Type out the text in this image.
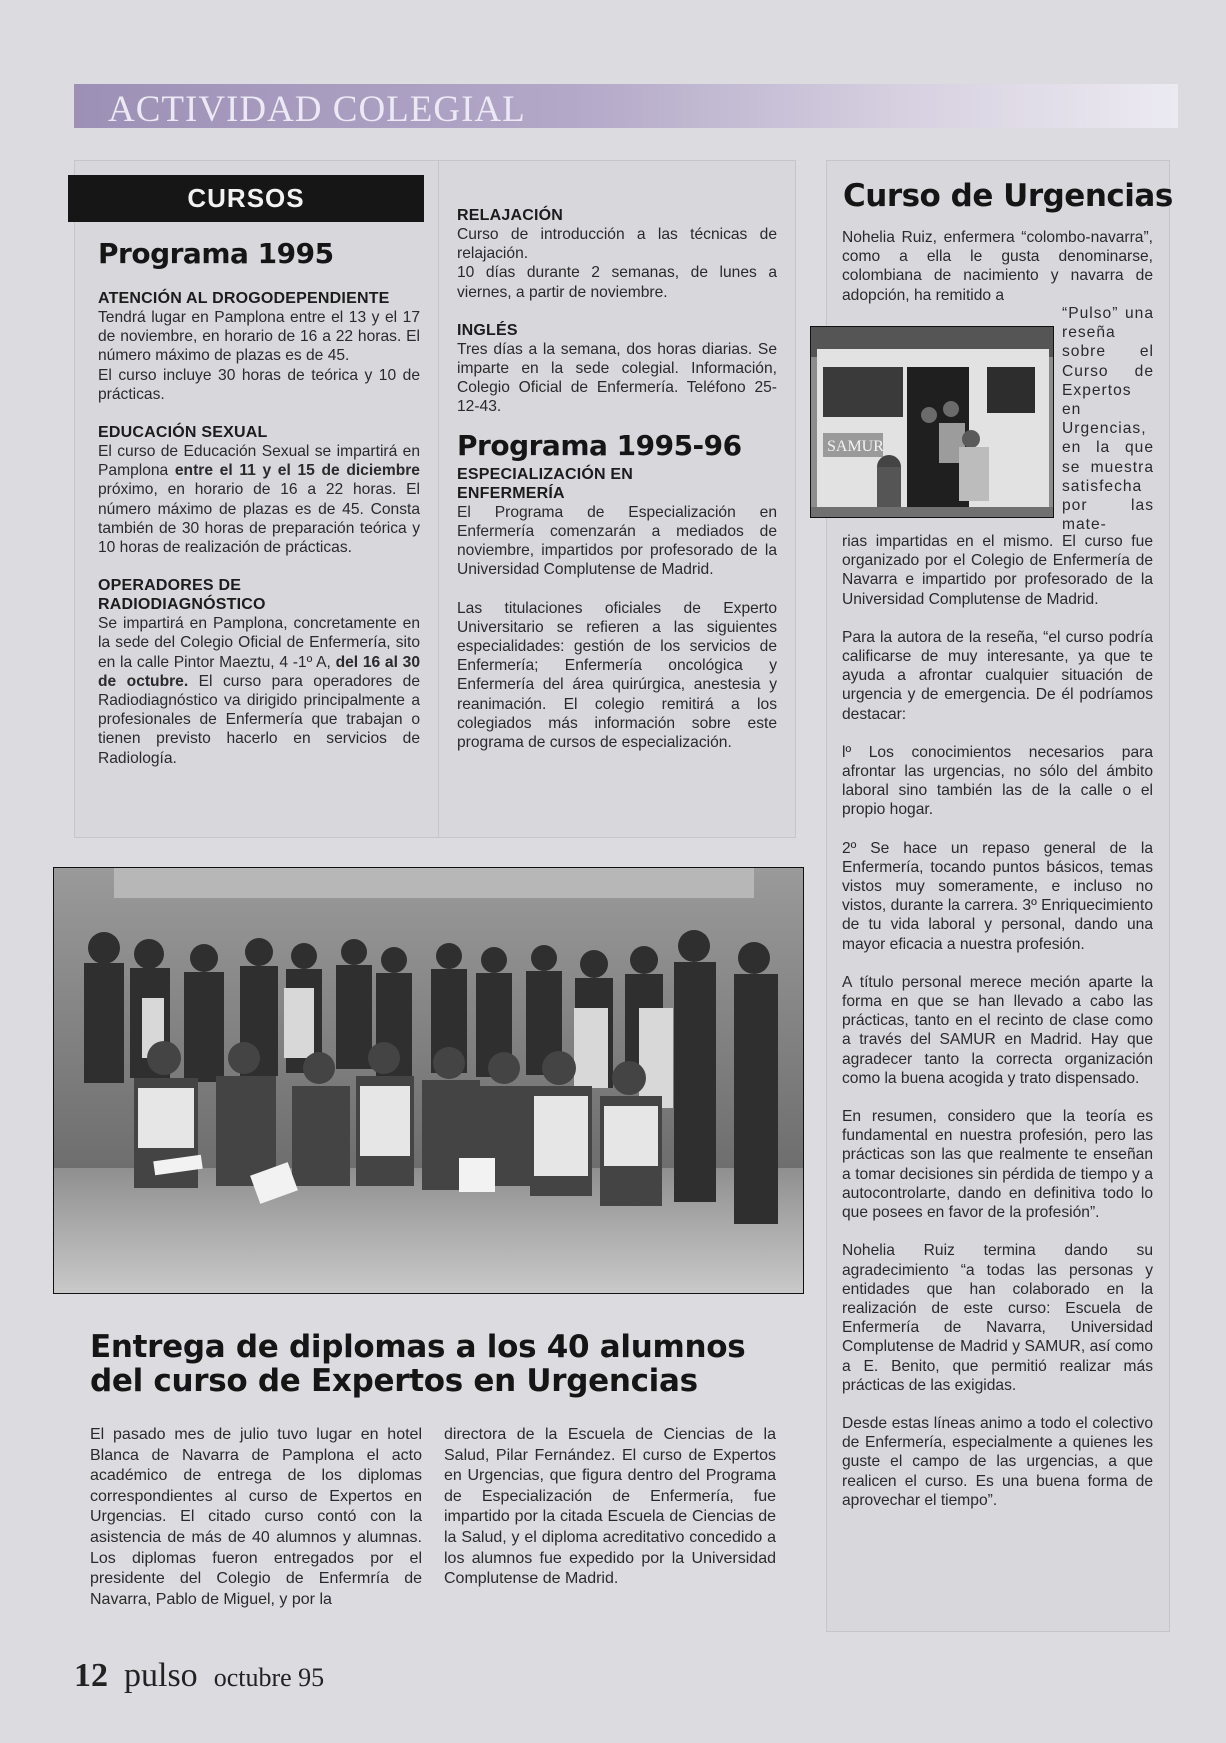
ACTIVIDAD COLEGIAL
CURSOS
Programa 1995
ATENCIÓN AL DROGODEPENDIENTE

Tendrá lugar en Pamplona entre el 13 y el 17 de noviembre, en horario de 16 a 22 horas. El número máximo de plazas es de 45.

El curso incluye 30 horas de teórica y 10 de prácticas.

EDUCACIÓN SEXUAL

El curso de Educación Sexual se impartirá en Pamplona entre el 11 y el 15 de diciembre próximo, en horario de 16 a 22 horas. El número máximo de plazas es de 45. Consta también de 30 horas de preparación teórica y 10 horas de realización de prácticas.

OPERADORES DE RADIODIAGNÓSTICO

Se impartirá en Pamplona, concretamente en la sede del Colegio Oficial de Enfermería, sito en la calle Pintor Maeztu, 4 -1º A, del 16 al 30 de octubre. El curso para operadores de Radiodiagnóstico va dirigido principalmente a profesionales de Enfermería que trabajan o tienen previsto hacerlo en servicios de Radiología.

RELAJACIÓN

Curso de introducción a las técnicas de relajación.

10 días durante 2 semanas, de lunes a viernes, a partir de noviembre.

INGLÉS

Tres días a la semana, dos horas diarias. Se imparte en la sede colegial. Información, Colegio Oficial de Enfermería. Teléfono 25-12-43.

Programa 1995-96
ESPECIALIZACIÓN EN ENFERMERÍA

El Programa de Especialización en Enfermería comenzarán a mediados de noviembre, impartidos por profesorado de la Universidad Complutense de Madrid.

Las titulaciones oficiales de Experto Universitario se refieren a las siguientes especialidades: gestión de los servicios de Enfermería; Enfermería oncológica y Enfermería del área quirúrgica, anestesia y reanimación. El colegio remitirá a los colegiados más información sobre este programa de cursos de especialización.

Curso de Urgencias

Nohelia Ruiz, enfermera “colombo-navarra”, como a ella le gusta denominarse, colombiana de nacimiento y navarra de adopción, ha remitido a

SAMUR

“Pulso” una reseña sobre el Curso de Expertos en Urgencias, en la que se muestra satisfecha por las mate-

rias impartidas en el mismo. El curso fue organizado por el Colegio de Enfermería de Navarra e impartido por profesorado de la Universidad Complutense de Madrid.

Para la autora de la reseña, “el curso podría calificarse de muy interesante, ya que te ayuda a afrontar cualquier situación de urgencia y de emergencia. De él podríamos destacar:

lº Los conocimientos necesarios para afrontar las urgencias, no sólo del ámbito laboral sino también las de la calle o el propio hogar.

2º Se hace un repaso general de la Enfermería, tocando puntos básicos, temas vistos muy someramente, e incluso no vistos, durante la carrera. 3º Enriquecimiento de tu vida laboral y personal, dando una mayor eficacia a nuestra profesión.

A título personal merece meción aparte la forma en que se han llevado a cabo las prácticas, tanto en el recinto de clase como a través del SAMUR en Madrid. Hay que agradecer tanto la correcta organización como la buena acogida y trato dispensado.

En resumen, considero que la teoría es fundamental en nuestra profesión, pero las prácticas son las que realmente te enseñan a tomar decisiones sin pérdida de tiempo y a autocontrolarte, dando en definitiva todo lo que posees en favor de la profesión”.

Nohelia Ruiz termina dando su agradecimiento “a todas las personas y entidades que han colaborado en la realización de este curso: Escuela de Enfermería de Navarra, Universidad Complutense de Madrid y SAMUR, así como a E. Benito, que permitió realizar más prácticas de las exigidas.

Desde estas líneas animo a todo el colectivo de Enfermería, especialmente a quienes les guste el campo de las urgencias, a que realicen el curso. Es una buena forma de aprovechar el tiempo”.

Entrega de diplomas a los 40 alumnos del curso de Expertos en Urgencias

El pasado mes de julio tuvo lugar en hotel Blanca de Navarra de Pamplona el acto académico de entrega de los diplomas correspondientes al curso de Expertos en Urgencias. El citado curso contó con la asistencia de más de 40 alumnos y alumnas. Los diplomas fueron entregados por el presidente del Colegio de Enfermría de Navarra, Pablo de Miguel, y por la

directora de la Escuela de Ciencias de la Salud, Pilar Fernández. El curso de Expertos en Urgencias, que figura dentro del Programa de Especialización de Enfermería, fue impartido por la citada Escuela de Ciencias de la Salud, y el diploma acreditativo concedido a los alumnos fue expedido por la Universidad Complutense de Madrid.

12 pulso octubre 95
